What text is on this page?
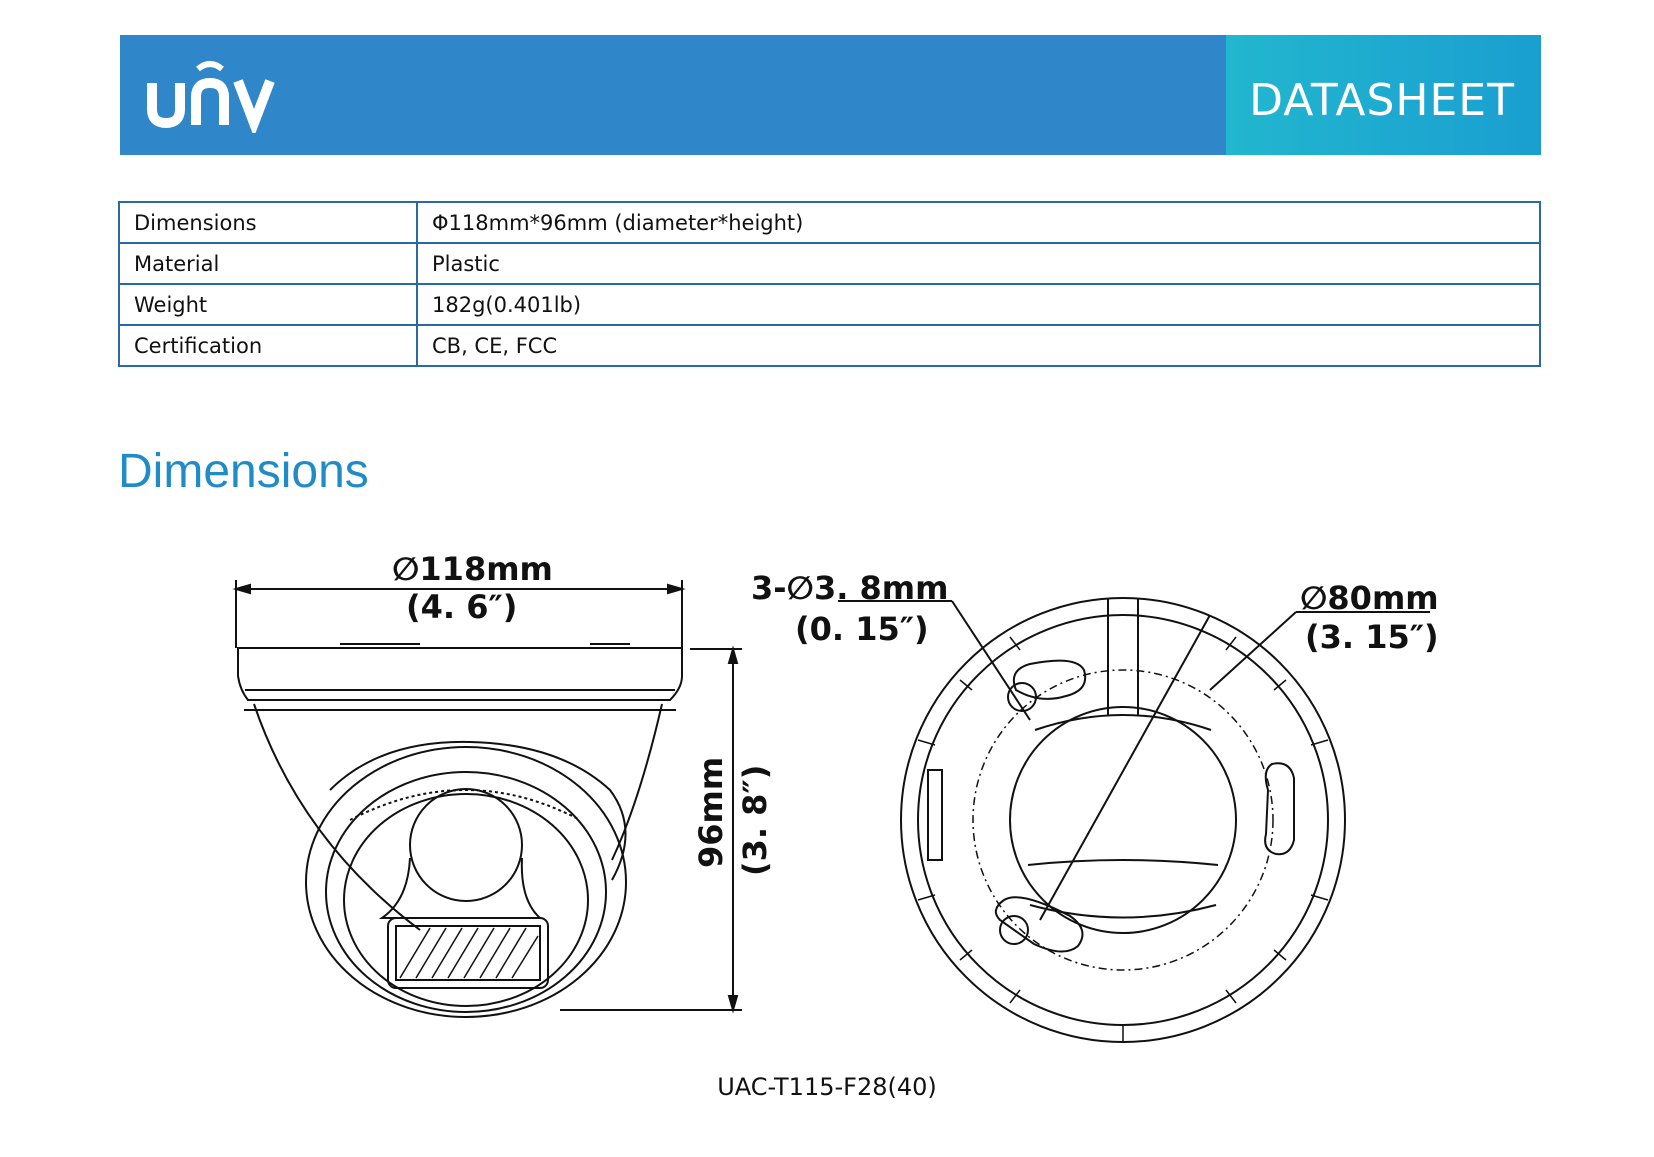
DATASHEET
Dimensions	Φ118mm*96mm (diameter*height)
Material	Plastic
Weight	182g(0.401lb)
Certification	CB, CE, FCC
Dimensions
∅118mm
(4. 6″)	3-∅3. 8mm
(0. 15″)
∅80mm
(3. 15″)
96mm (3. 8″)
UAC-T115-F28(40)
